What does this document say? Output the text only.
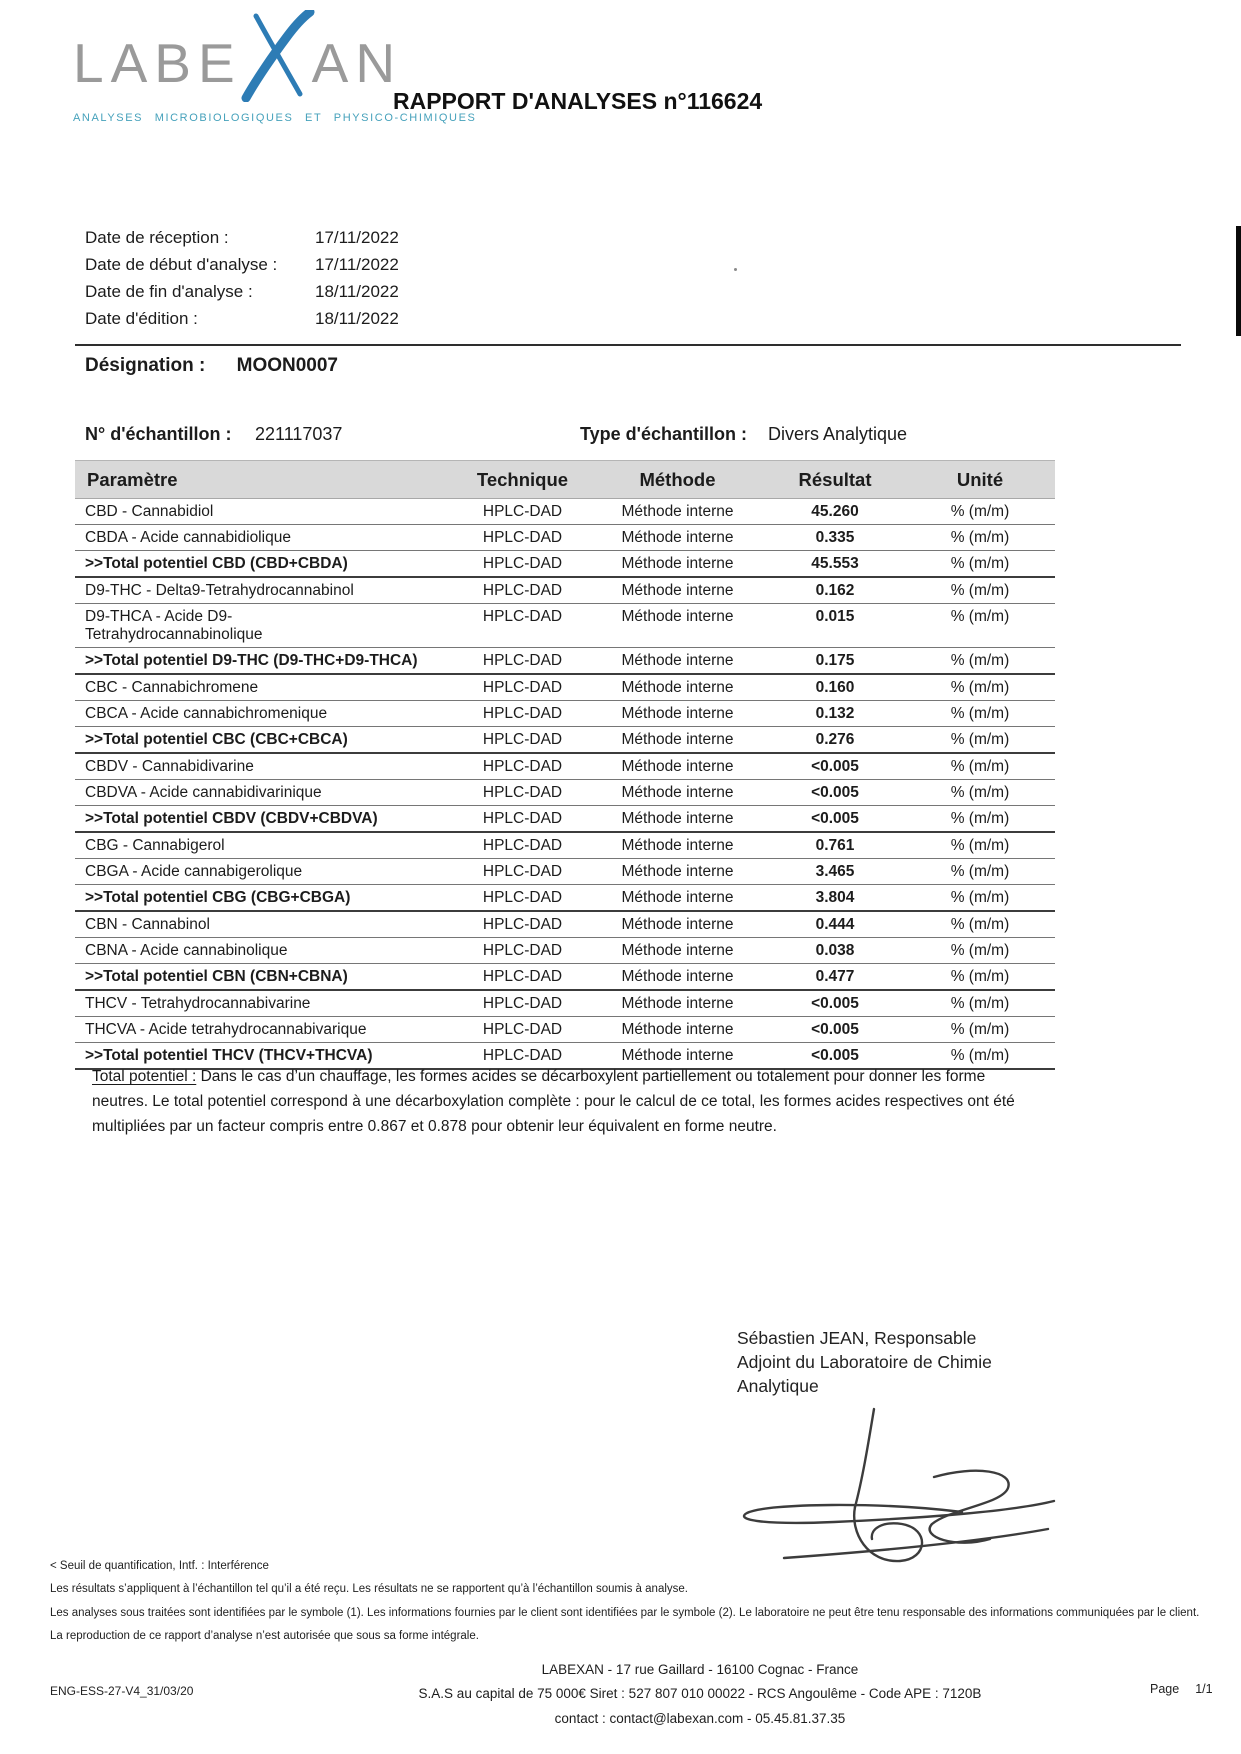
LABE AN
ANALYSES MICROBIOLOGIQUES ET PHYSICO-CHIMIQUES
RAPPORT D'ANALYSES n°116624
Date de réception :	17/11/2022
Date de début d'analyse :	17/11/2022
Date de fin d'analyse :	18/11/2022
Date d'édition :	18/11/2022
Désignation : MOON0007
N° d'échantillon : 221117037	Type d'échantillon : Divers Analytique
Paramètre	Technique	Méthode	Résultat	Unité
CBD - Cannabidiol	HPLC-DAD	Méthode interne	45.260	% (m/m)
CBDA - Acide cannabidiolique	HPLC-DAD	Méthode interne	0.335	% (m/m)
>>Total potentiel CBD (CBD+CBDA)	HPLC-DAD	Méthode interne	45.553	% (m/m)
D9-THC - Delta9-Tetrahydrocannabinol	HPLC-DAD	Méthode interne	0.162	% (m/m)
D9-THCA - Acide D9-Tetrahydrocannabinolique	HPLC-DAD	Méthode interne	0.015	% (m/m)
>>Total potentiel D9-THC (D9-THC+D9-THCA)	HPLC-DAD	Méthode interne	0.175	% (m/m)
CBC - Cannabichromene	HPLC-DAD	Méthode interne	0.160	% (m/m)
CBCA - Acide cannabichromenique	HPLC-DAD	Méthode interne	0.132	% (m/m)
>>Total potentiel CBC (CBC+CBCA)	HPLC-DAD	Méthode interne	0.276	% (m/m)
CBDV - Cannabidivarine	HPLC-DAD	Méthode interne	<0.005	% (m/m)
CBDVA - Acide cannabidivarinique	HPLC-DAD	Méthode interne	<0.005	% (m/m)
>>Total potentiel CBDV (CBDV+CBDVA)	HPLC-DAD	Méthode interne	<0.005	% (m/m)
CBG - Cannabigerol	HPLC-DAD	Méthode interne	0.761	% (m/m)
CBGA - Acide cannabigerolique	HPLC-DAD	Méthode interne	3.465	% (m/m)
>>Total potentiel CBG (CBG+CBGA)	HPLC-DAD	Méthode interne	3.804	% (m/m)
CBN - Cannabinol	HPLC-DAD	Méthode interne	0.444	% (m/m)
CBNA - Acide cannabinolique	HPLC-DAD	Méthode interne	0.038	% (m/m)
>>Total potentiel CBN (CBN+CBNA)	HPLC-DAD	Méthode interne	0.477	% (m/m)
THCV - Tetrahydrocannabivarine	HPLC-DAD	Méthode interne	<0.005	% (m/m)
THCVA - Acide tetrahydrocannabivarique	HPLC-DAD	Méthode interne	<0.005	% (m/m)
>>Total potentiel THCV (THCV+THCVA)	HPLC-DAD	Méthode interne	<0.005	% (m/m)
Total potentiel : Dans le cas d’un chauffage, les formes acides se décarboxylent partiellement ou totalement pour donner les forme neutres. Le total potentiel correspond à une décarboxylation complète : pour le calcul de ce total, les formes acides respectives ont été multipliées par un facteur compris entre 0.867 et 0.878 pour obtenir leur équivalent en forme neutre.
Sébastien JEAN, Responsable Adjoint du Laboratoire de Chimie Analytique

< Seuil de quantification, Intf. : Interférence

Les résultats s’appliquent à l’échantillon tel qu’il a été reçu. Les résultats ne se rapportent qu’à l’échantillon soumis à analyse.

Les analyses sous traitées sont identifiées par le symbole (1). Les informations fournies par le client sont identifiées par le symbole (2). Le laboratoire ne peut être tenu responsable des informations communiquées par le client.

La reproduction de ce rapport d’analyse n’est autorisée que sous sa forme intégrale.

ENG-ESS-27-V4_31/03/20
LABEXAN - 17 rue Gaillard - 16100 Cognac - France
S.A.S au capital de 75 000€ Siret : 527 807 010 00022 - RCS Angoulême - Code APE : 7120B
contact : contact@labexan.com - 05.45.81.37.35
Page 1/1
